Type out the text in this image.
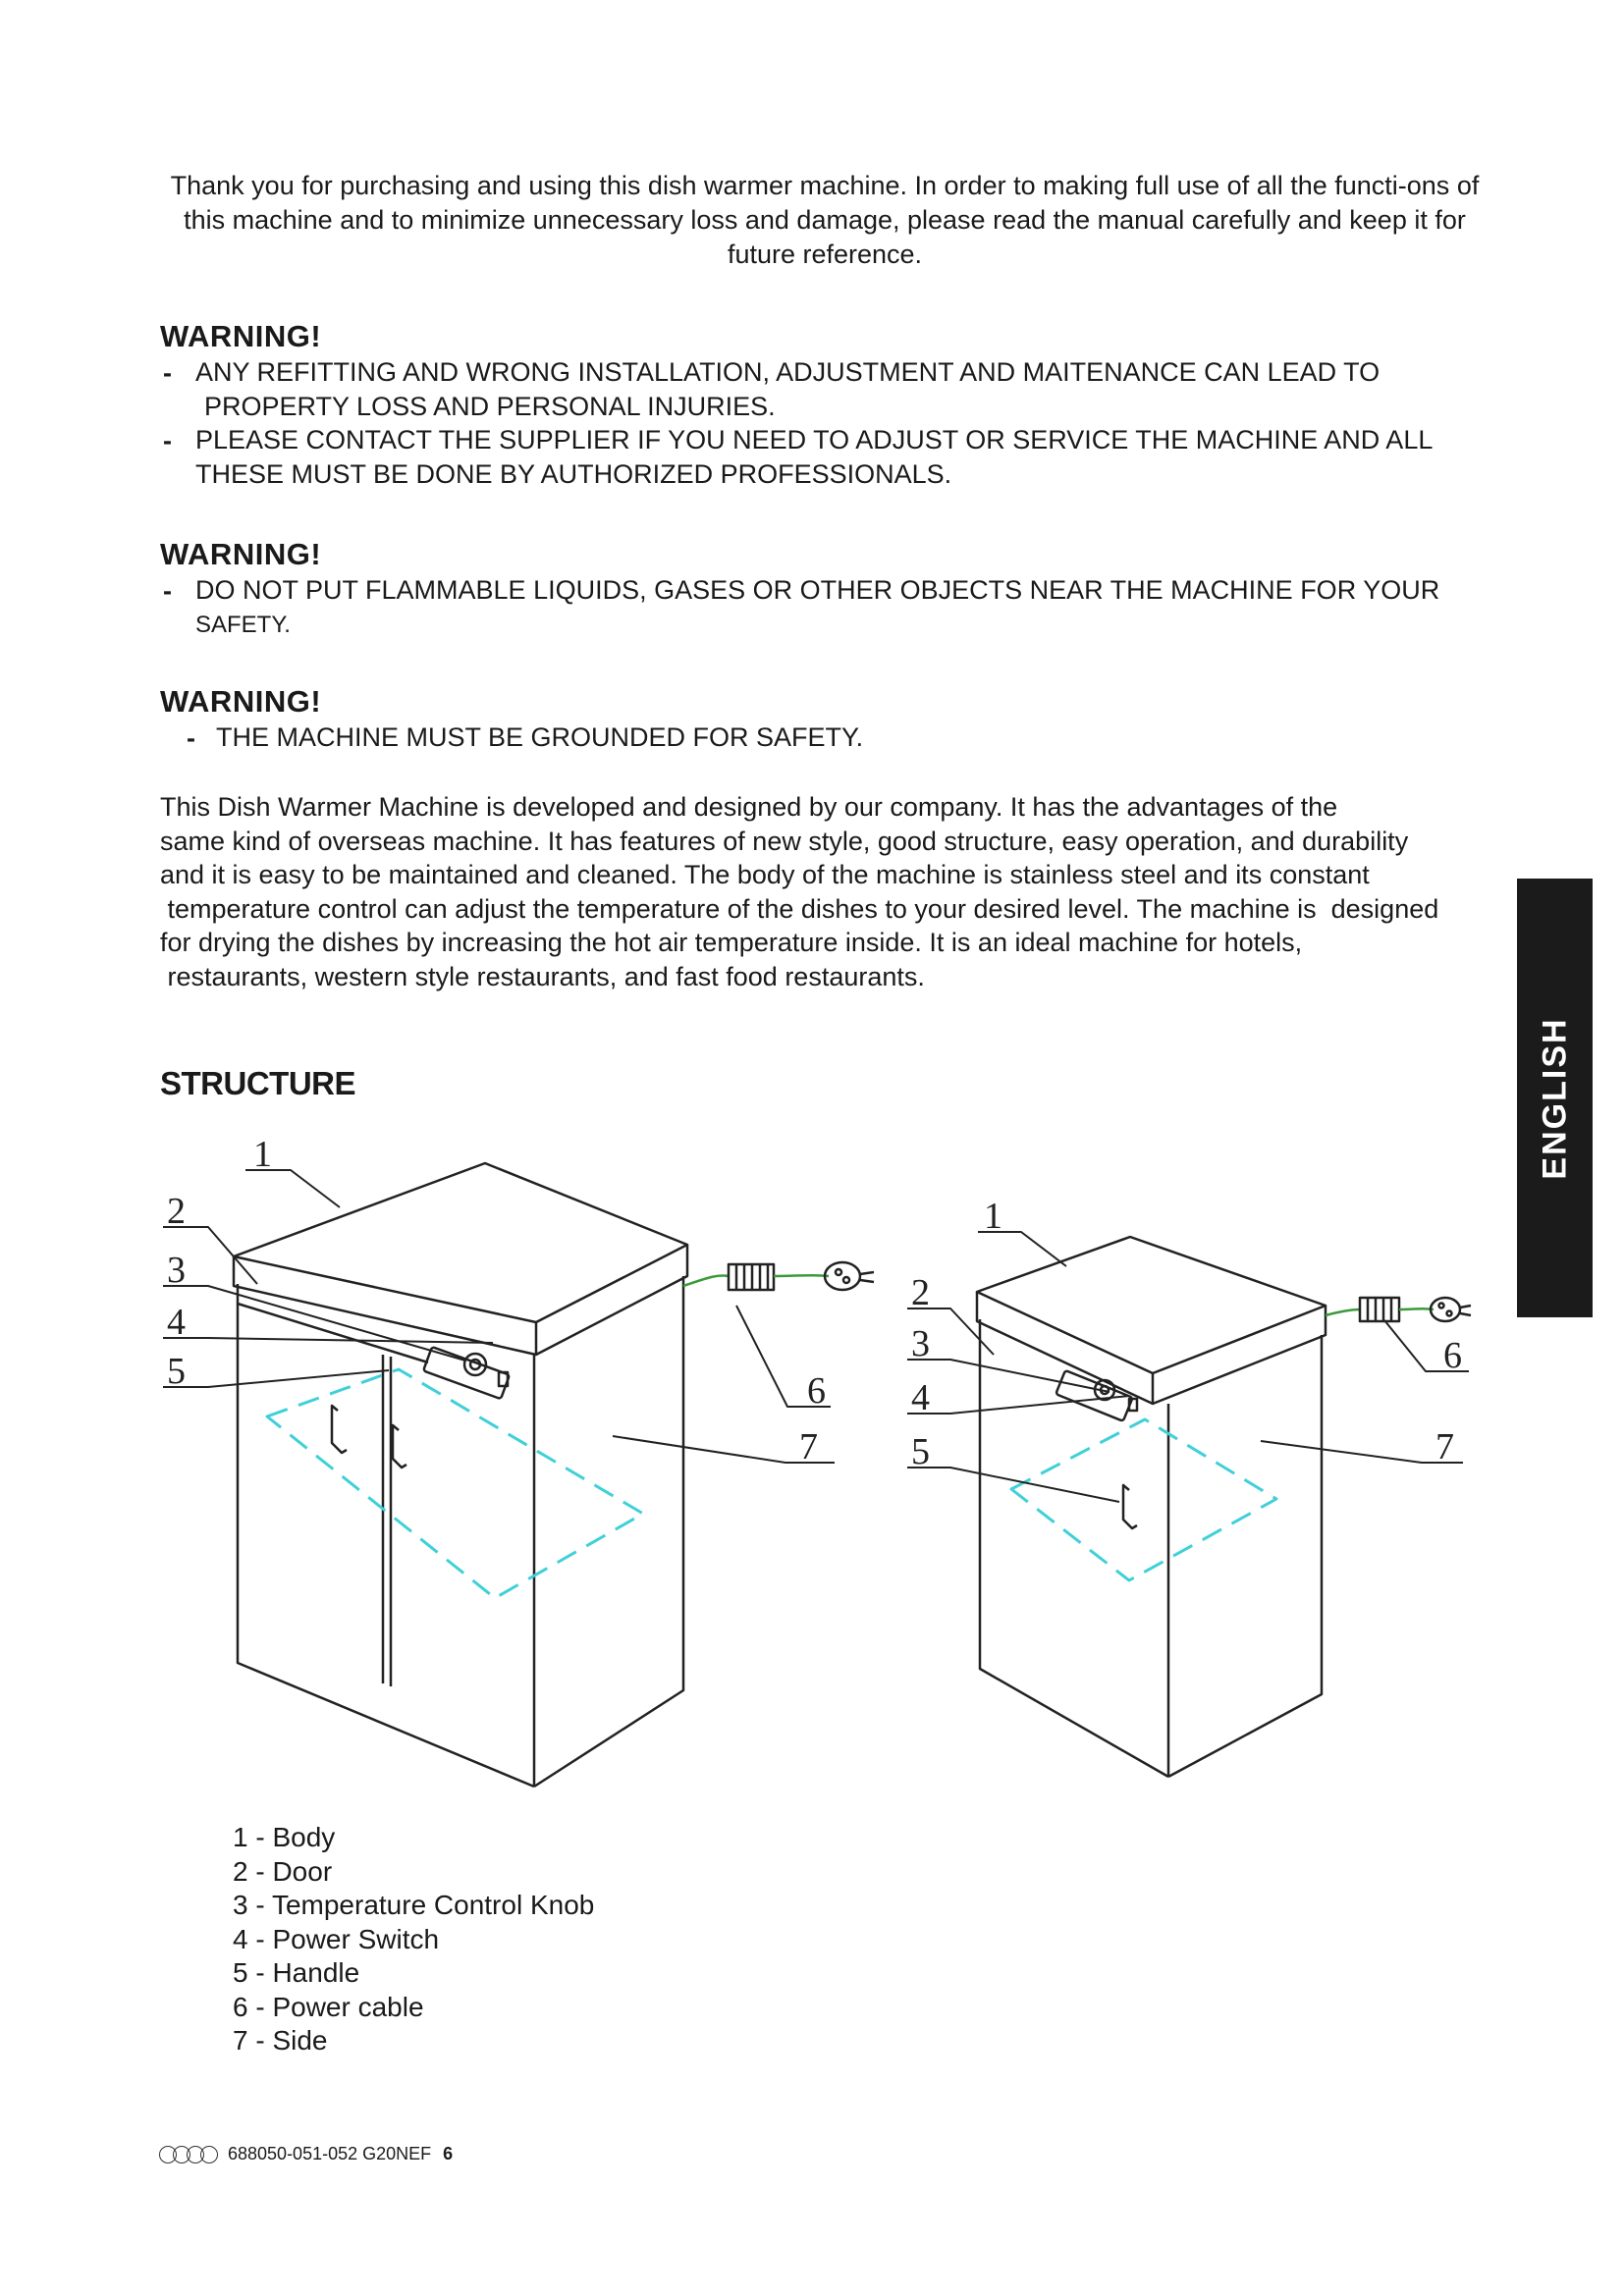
Thank you for purchasing and using this dish warmer machine. In order to making full use of all the functi-ons of this machine and to minimize unnecessary loss and damage, please read the manual carefully and keep it for future reference.
WARNING!
- ANY REFITTING AND WRONG INSTALLATION, ADJUSTMENT AND MAITENANCE CAN LEAD TO
PROPERTY LOSS AND PERSONAL INJURIES.
- PLEASE CONTACT THE SUPPLIER IF YOU NEED TO ADJUST OR SERVICE THE MACHINE AND ALL
THESE MUST BE DONE BY AUTHORIZED PROFESSIONALS.
WARNING!
- DO NOT PUT FLAMMABLE LIQUIDS, GASES OR OTHER OBJECTS NEAR THE MACHINE FOR YOUR
SAFETY.
WARNING!
- THE MACHINE MUST BE GROUNDED FOR SAFETY.
This Dish Warmer Machine is developed and designed by our company. It has the advantages of the
same kind of overseas machine. It has features of new style, good structure, easy operation, and durability
and it is easy to be maintained and cleaned. The body of the machine is stainless steel and its constant
temperature control can adjust the temperature of the dishes to your desired level. The machine is  designed
for drying the dishes by increasing the hot air temperature inside. It is an ideal machine for hotels,
restaurants, western style restaurants, and fast food restaurants.
STRUCTURE
1
2
3
4
5	6
7
1
2
3
4
5
6
7
1 - Body
2 - Door
3 - Temperature Control Knob
4 - Power Switch
5 - Handle
6 - Power cable
7 - Side
ENGLISH
688050-051-052 G20NEF 6
